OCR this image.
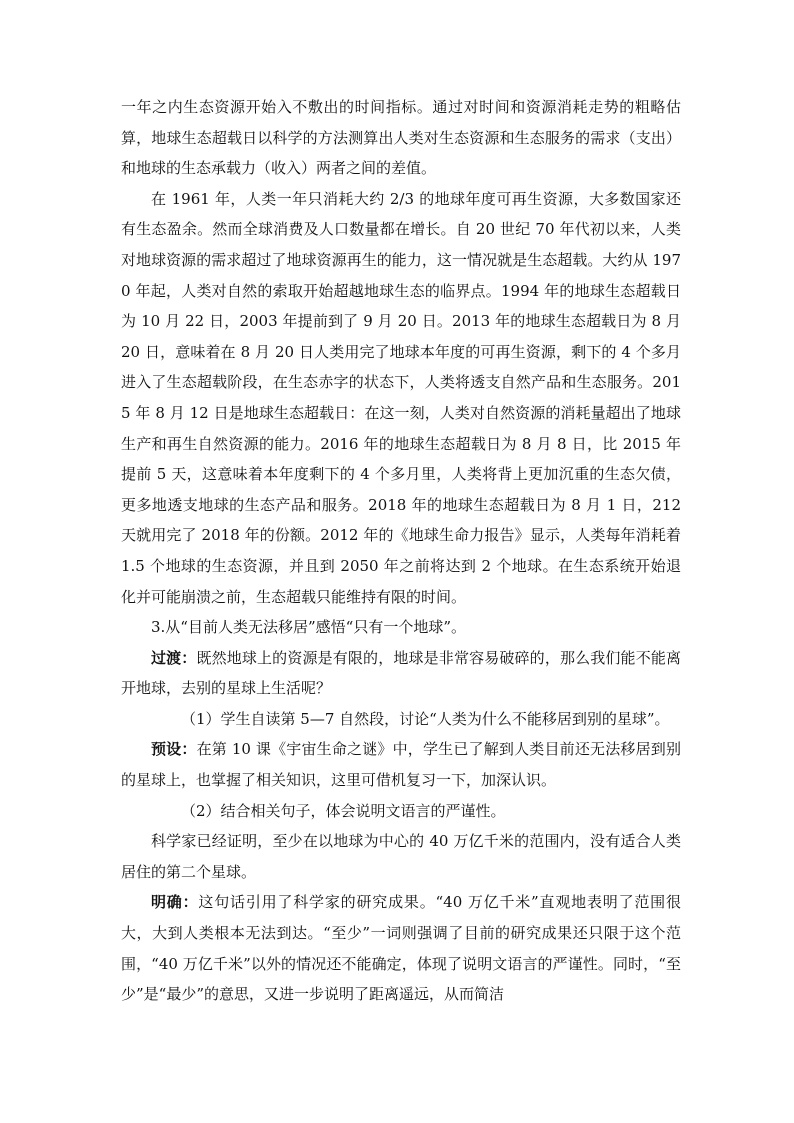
一年之内生态资源开始入不敷出的时间指标。通过对时间和资源消耗走势的粗略估算，地球生态超载日以科学的方法测算出人类对生态资源和生态服务的需求（支出）和地球的生态承载力（收入）两者之间的差值。

在 1961 年，人类一年只消耗大约 2/3 的地球年度可再生资源，大多数国家还有生态盈余。然而全球消费及人口数量都在增长。自 20 世纪 70 年代初以来，人类对地球资源的需求超过了地球资源再生的能力，这一情况就是生态超载。大约从 1970 年起，人类对自然的索取开始超越地球生态的临界点。1994 年的地球生态超载日为 10 月 22 日，2003 年提前到了 9 月 20 日。2013 年的地球生态超载日为 8 月 20 日，意味着在 8 月 20 日人类用完了地球本年度的可再生资源，剩下的 4 个多月进入了生态超载阶段，在生态赤字的状态下，人类将透支自然产品和生态服务。2015 年 8 月 12 日是地球生态超载日：在这一刻，人类对自然资源的消耗量超出了地球生产和再生自然资源的能力。2016 年的地球生态超载日为 8 月 8 日，比 2015 年提前 5 天，这意味着本年度剩下的 4 个多月里，人类将背上更加沉重的生态欠债，更多地透支地球的生态产品和服务。2018 年的地球生态超载日为 8 月 1 日，212 天就用完了 2018 年的份额。2012 年的《地球生命力报告》显示，人类每年消耗着 1.5 个地球的生态资源，并且到 2050 年之前将达到 2 个地球。在生态系统开始退化并可能崩溃之前，生态超载只能维持有限的时间。

3.从“目前人类无法移居”感悟“只有一个地球”。

过渡：既然地球上的资源是有限的，地球是非常容易破碎的，那么我们能不能离开地球，去别的星球上生活呢？

（1）学生自读第 5—7 自然段，讨论“人类为什么不能移居到别的星球”。

预设：在第 10 课《宇宙生命之谜》中，学生已了解到人类目前还无法移居到别的星球上，也掌握了相关知识，这里可借机复习一下，加深认识。

（2）结合相关句子，体会说明文语言的严谨性。

科学家已经证明，至少在以地球为中心的 40 万亿千米的范围内，没有适合人类居住的第二个星球。

明确：这句话引用了科学家的研究成果。“40 万亿千米”直观地表明了范围很大，大到人类根本无法到达。“至少”一词则强调了目前的研究成果还只限于这个范围，“40 万亿千米”以外的情况还不能确定，体现了说明文语言的严谨性。同时，“至少”是“最少”的意思，又进一步说明了距离遥远，从而简洁
